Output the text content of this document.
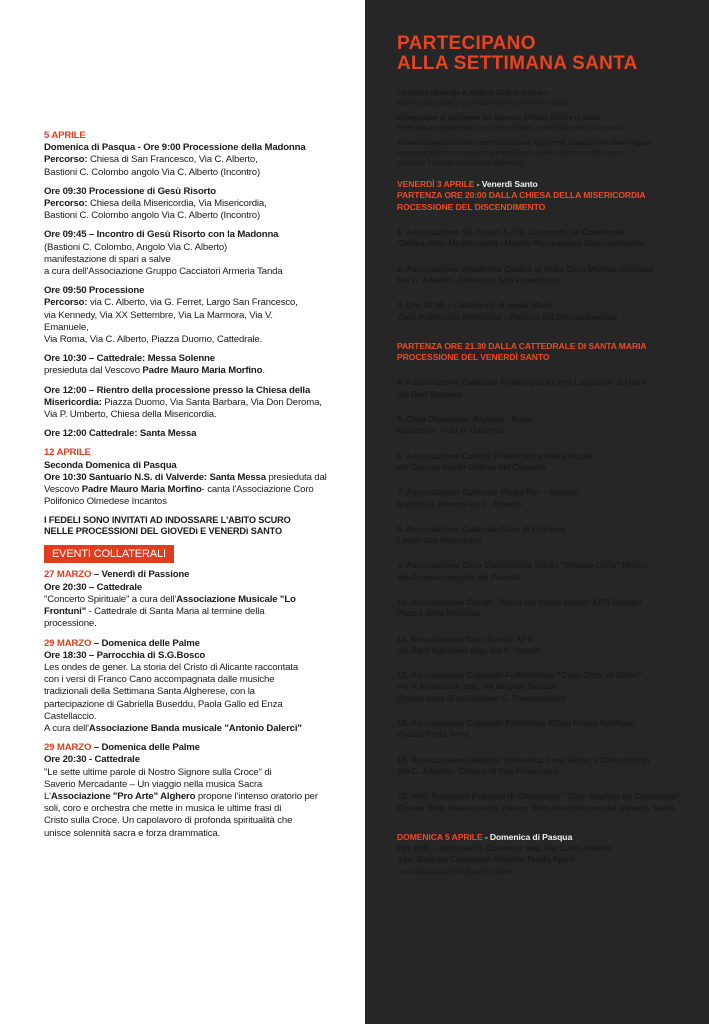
5 APRILE
Domenica di Pasqua - Ore 9:00 Processione della Madonna
Percorso: Chiesa di San Francesco, Via C. Alberto,
Bastioni C. Colombo angolo Via C. Alberto (Incontro)
Ore 09:30 Processione di Gesù Risorto
Percorso: Chiesa della Misericordia, Via Misericordia,
Bastioni C. Colombo angolo Via C. Alberto (Incontro)
Ore 09:45 – Incontro di Gesù Risorto con la Madonna
(Bastioni C. Colombo, Angolo Via C. Alberto)
manifestazione di spari a salve
a cura dell'Associazione Gruppo Cacciatori Armeria Tanda
Ore 09:50 Processione
Percorso: via C. Alberto, via G. Ferret, Largo San Francesco,
via Kennedy, Via XX Settembre, Via La Marmora, Via V.
Emanuele,
Via Roma, Via C. Alberto, Piazza Duomo, Cattedrale.
Ore 10:30 – Cattedrale: Messa Solenne
presieduta dal Vescovo Padre Mauro Maria Morfino.
Ore 12:00 – Rientro della processione presso la Chiesa della
Misericordia: Piazza Duomo, Via Santa Barbara, Via Don Deroma,
Via P. Umberto, Chiesa della Misericordia.
Ore 12:00 Cattedrale: Santa Messa
12 APRILE
Seconda Domenica di Pasqua
Ore 10:30 Santuario N.S. di Valverde: Santa Messa presieduta dal
Vescovo Padre Mauro Maria Morfino- canta l'Associazione Coro
Polifonico Olmedese Incantos
I FEDELI SONO INVITATI AD INDOSSARE L'ABITO SCURO
NELLE PROCESSIONI DEL GIOVEDì E VENERDì SANTO
EVENTI COLLATERALI
27 MARZO – Venerdì di Passione
Ore 20:30 – Cattedrale
"Concerto Spirituale" a cura dell'Associazione Musicale "Lo
Frontuni" - Cattedrale di Santa Maria al termine della
processione.
29 MARZO – Domenica delle Palme
Ore 18:30 – Parrocchia di S.G.Bosco
Les ondes de gener. La storia del Cristo di Alicante raccontata
con i versi di Franco Cano accompagnata dalle musiche
tradizionali della Settimana Santa Algherese, con la
partecipazione di Gabriella Buseddu, Paola Gallo ed Enza
Castellaccio.
A cura dell'Associazione Banda musicale "Antonio Dalerci"
29 MARZO – Domenica delle Palme
Ore 20:30 - Cattedrale
"Le sette ultime parole di Nostro Signore sulla Croce" di
Saverio Mercadante – Un viaggio nella musica Sacra
L'Associazione "Pro Arte" Alghero propone l'intenso oratorio per
soli, coro e orchestra che mette in musica le ultime frasi di
Cristo sulla Croce. Un capolavoro di profonda spiritualità che
unisce solennità sacra e forza drammatica.
PARTECIPANO
ALLA SETTIMANA SANTA
La Banda Musicale A. Dalerci Città di Alghero:
Accompagna tutte le processioni della Settimana Santa.
Delegazione di Sardegna del Sovrano Militare Ordine di Malta
Partecipa alle processioni del Venerdì Santo e della Domenica di Pasqua.
Associazione Culturale centro di cultura Algherese Gruppo Folk Sant Miquel
Partecipa alle processioni del Venerdì Santo e della Domenica di Pasqua,
recitando il rosario in catalano- algherese
VENERDÌ 3 APRILE - Venerdì Santo
PARTENZA ORE 20:00 DALLA CHIESA DELLA MISERICORDIA
ROCESSIONE DEL DISCENDIMENTO
1. Associazione Su Tippiri A.P.S. Cuncordu de Cheremule
Chiesa della Misericordia - Uscita Processione Discendimento
2. Associazione Akademia Cantus et Fidis Coro Matilde Salvador
Via C. Alberto - Chiesa di San Francesco
3. Ore 20:30 – Cattedrale di santa Maria
Coro Polifonico Algherese - Predica del Discendimento
PARTENZA ORE 21.30 DALLA CATTEDRALE DI SANTA MARIA
PROCESSIONE DEL VENERDÌ SANTO
4. Associazione Culturale Folkloristica Coro Logudoro di Usini
via Don Deroma
5. Coro Diocesano Alghero - Bosa
Episcopio – via P. Umberto
6. Associazione Canora Folkloristica Nova Alguer
via Cavour fronte Chiesa del Carmelo
7. Associazione Culturale Panta Rei – Alghero
Istituto G. Manno via C. Alberto
8. Associazione Culturale Coro di Florinas
Largo San Francesco
9. Associazione Coro Tradizionale Sardo "Renato Loria" Muros
via Gramsci angolo via Pascoli
10. Associazione Corale "Amici del canto sardo" APS Sassari
Piazza della Mercede
11. Associazione Coro Baratz APS
via Sant'Agostino ang. via V. Veneto
12. Associazione Culturale Folkloristica "Coro Citta' di Ozieri"
via V. Emanuele ang. via Brigata Sassari
(fronte casa di reclusione G. Tommasiello)
13. Associazione Culturale Polifonica S'Ena Frisca Putifigari
Piazza Porta Terra
14. Associazione culturale polifonica Coro Bisos e Chertos Ittiri
Via C. Alberto - Chiesa di San Francesco
15. APS Tradizioni Popolari di Cheremule "Coro Boghes de Cheremule"
Chiesa della Misericordia, rientro della Processione del Venerdì Santo
DOMENICA 5 APRILE - Domenica di Pasqua
Ore 9:45 – Bastioni C. Colombo ang. Via Carlo Alberto
Ass. Gruppo Cacciatori Armeria Tanda Sport
manifestazione di spari a salve.
